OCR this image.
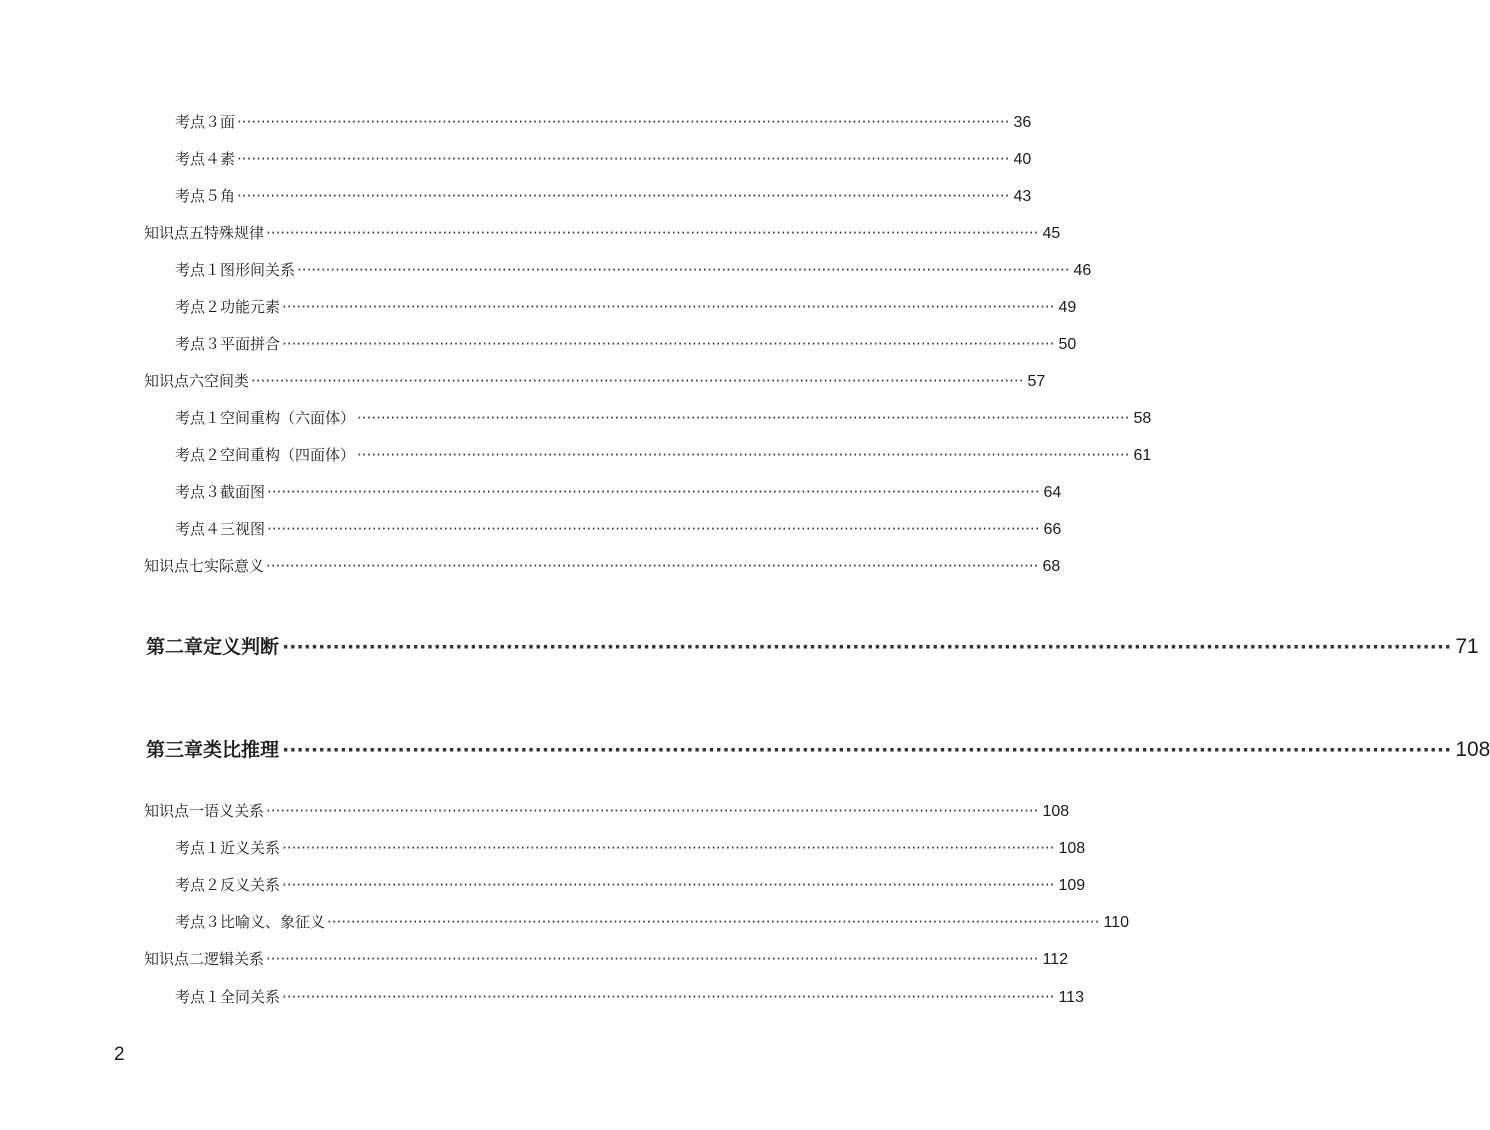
考点３ 面 ·····	36
考点４ 素 ·····	40
考点５ 角 ·····	43
知识点五 特殊规律 ·····	45
考点１ 图形间关系 ·····	46
考点２ 功能元素 ·····	49
考点３ 平面拼合 ·····	50
知识点六 空间类 ·····	57
考点１ 空间重构（六面体） ·····	58
考点２ 空间重构（四面体） ·····	61
考点３ 截面图 ·····	64
考点４ 三视图 ·····	66
知识点七 实际意义 ·····	68
第二章 定义判断 ·····	71
第三章 类比推理 ·····	108
知识点一 语义关系 ·····	108
考点１ 近义关系 ·····	108
考点２ 反义关系 ·····	109
考点３ 比喻义、象征义 ·····	110
知识点二 逻辑关系 ·····	112
考点１ 全同关系 ·····	113
2
